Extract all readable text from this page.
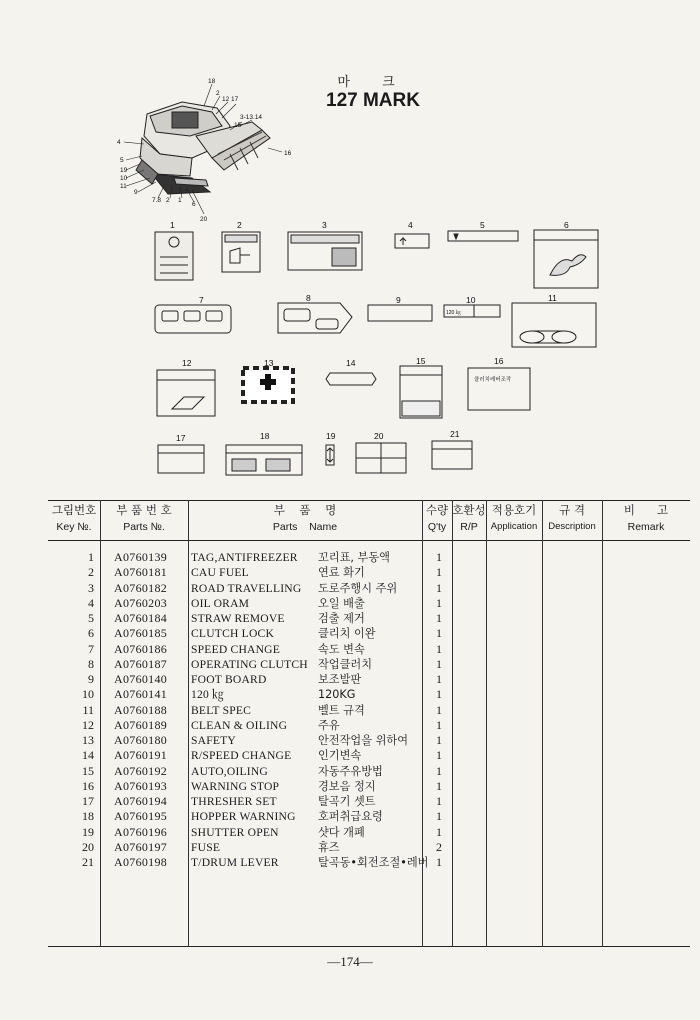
마 크
127 MARK
18
2
12 17
15
3-13.14
16
4
5
19
10
11
9
7.8 2 1
6
20
1	2	3	4	5	6
7	8	9	10	11
12	13	14	15	16
17	18	19	20	21
120 ㎏
클러치레버조작
그림번호
Key №.
부 품 번 호
Parts №.
부    품    명
Parts    Name
수량
Q'ty
호환성
R/P
적용호기
Application
규 격
Description
비      고
Remark
1 A0760139 TAG,ANTIFREEZER 꼬리표, 부동액	1
2 A0760181 CAU FUEL	연료 화기	1
3 A0760182 ROAD TRAVELLING 도로주행시 주위	1
4 A0760203 OIL ORAM	오일 배출	1
5 A0760184 STRAW REMOVE	검출 제거	1
6 A0760185 CLUTCH LOCK	클리치 이완	1
7 A0760186 SPEED CHANGE	속도 변속	1
8 A0760187 OPERATING CLUTCH 작업클러치	1
9 A0760140 FOOT BOARD	보조발판	1
10 A0760141 120 ㎏	120KG	1
11 A0760188 BELT SPEC	벨트 규격	1
12 A0760189 CLEAN & OILING	주유	1
13 A0760180 SAFETY	안전작업을 위하여	1
14 A0760191 R/SPEED CHANGE 인기변속	1
15 A0760192 AUTO,OILING	자동주유방법	1
16 A0760193 WARNING STOP	경보음 정지	1
17 A0760194 THRESHER SET	탈곡기 셋트	1
18 A0760195 HOPPER WARNING 호퍼취급요령	1
19 A0760196 SHUTTER OPEN	샷다 개폐	1
20 A0760197 FUSE	휴즈	2
21 A0760198 T/DRUM LEVER	탈곡동•회전조절•레버 1
—174—
